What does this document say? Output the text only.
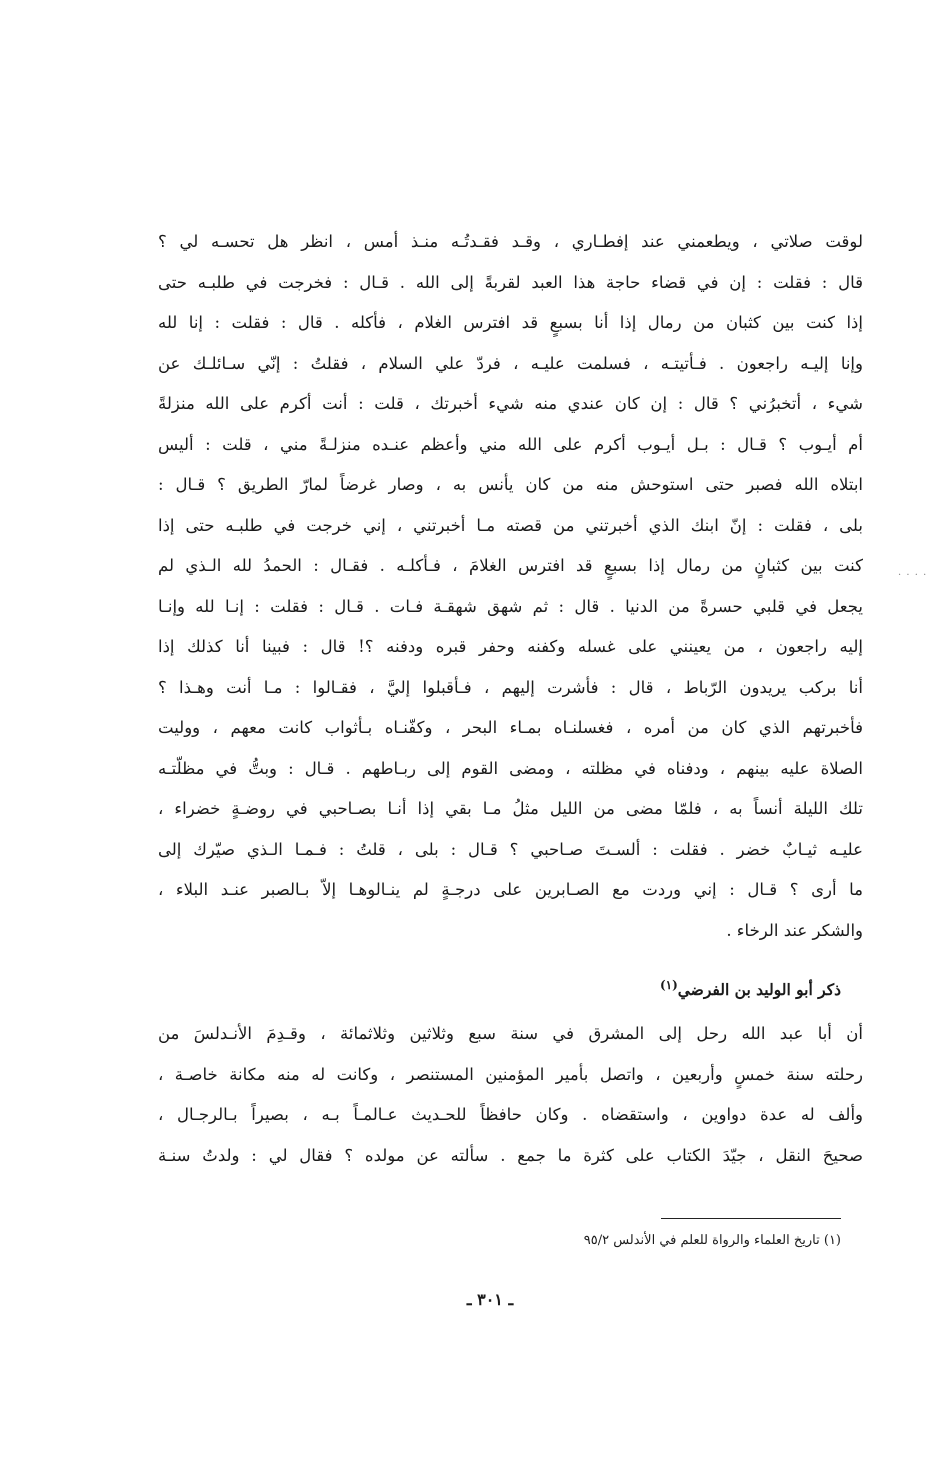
· · · ·
لوقت صلاتي ، ويطعمني عند إفطـاري ، وقـد فقـدتُـه منـذ أمس ، انظر هل تحسـه لي ؟
قال : فقلت : إن في قضاء حاجة هذا العبد لقربةً إلى الله . قـال : فخرجت في طلبـه حتى
إذا كنت بين كثبان من رمال إذا أنا بسبعٍ قد افترس الغلام ، فأكله . قال : فقلت : إنا لله
وإنا إليـه راجعون . فـأتيتـه ، فسلمت عليـه ، فردّ علي السلام ، فقلتُ : إنّي سـائلـك عن
شيء ، أتخبرُني ؟ قال : إن كان عندي منه شيء أخبرتك ، قلت : أنت أكرم على الله منزلةً
أم أيـوب ؟ قـال : بـل أيـوب أكرم على الله مني وأعظم عنـده منزلـةً مني ، قلت : أليس
ابتلاه الله فصبر حتى استوحش منه من كان يأنس به ، وصار غرضاً لمارّ الطريق ؟ قـال :
بلى ، فقلت : إنّ ابنك الذي أخبرتني من قصته مـا أخبرتني ، إني خرجت في طلبـه حتى إذا
كنت بين كثبانٍ من رمال إذا بسبعٍ قد افترس الغلامَ ، فـأكلـه . فقـال : الحمدُ لله الـذي لم
يجعل في قلبي حسرةً من الدنيا . قال : ثم شهق شهقـة فـات . قـال : فقلت : إنـا لله وإنـا
إليه راجعون ، من يعينني على غسله وكفنه وحفر قبره ودفنه ؟! قال : فبينا أنا كذلك إذا
أنا بركب يريدون الرّباط ، قال : فأشرت إليهم ، فـأقبلوا إليَّ ، فقـالوا : مـا أنت وهـذا ؟
فأخبرتهم الذي كان من أمره ، فغسلنـاه بمـاء البحر ، وكفّنـاه بـأثواب كانت معهم ، ووليت
الصلاة عليه بينهم ، ودفناه في مظلته ، ومضى القوم إلى ربـاطهم . قـال : وبتُّ في مظلّتـه
تلك الليلة أنساً به ، فلمّا مضى من الليل مثلُ مـا بقي إذا أنـا بصـاحبي في روضـةٍ خضراء ،
عليـه ثيـابٌ خضر . فقلت : ألسـتَ صـاحبي ؟ قـال : بلى ، قلتُ : فـمـا الـذي صيّرك إلى
ما أرى ؟ قـال : إني وردت مع الصـابرين على درجـةٍ لم ينـالوهـا إلاّ بـالصبر عنـد البلاء ،
والشكر عند الرخاء .
ذكر أبو الوليد بن الفرضي$^{(١)}$
أن أبا عبد الله رحل إلى المشرق في سنة سبع وثلاثين وثلاثمائة ، وقـدِمَ الأنـدلسَ من
رحلته سنة خمسٍ وأربعين ، واتصل بأمير المؤمنين المستنصر ، وكانت له منه مكانة خاصـة ،
وألف له عدة دواوين ، واستقضاه . وكان حافظاً للحـديث عـالمـاً بـه ، بصيراً بـالرجـال ،
صحيحَ النقل ، جيّدَ الكتاب على كثرة ما جمع . سألته عن مولده ؟ فقال لي : ولدتُ سنـة
(١) تاريخ العلماء والرواة للعلم في الأندلس ٩٥/٢
ـ ٣٠١ ـ
